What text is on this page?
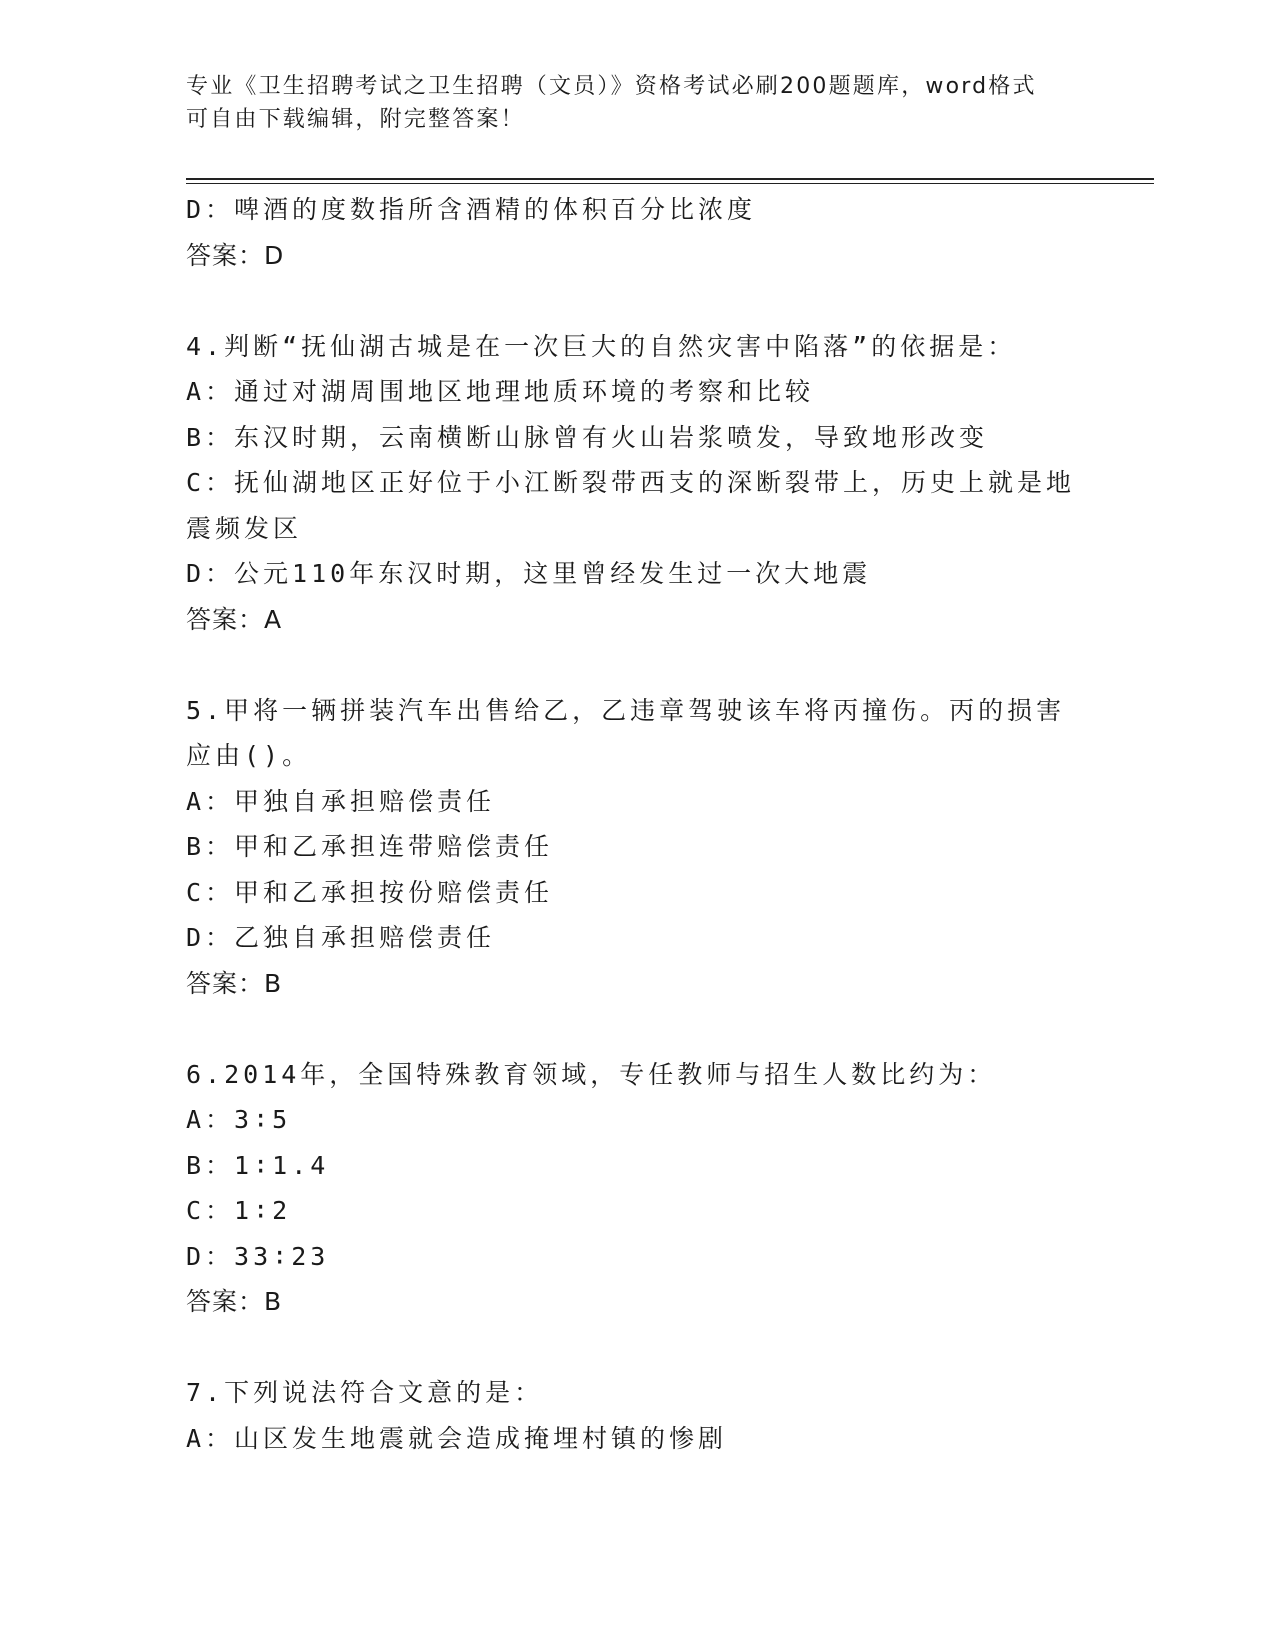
专业《卫生招聘考试之卫生招聘（文员）》资格考试必刷200题题库，word格式
可自由下载编辑，附完整答案！
D：啤酒的度数指所含酒精的体积百分比浓度
答案：D
4.判断“抚仙湖古城是在一次巨大的自然灾害中陷落”的依据是：
A：通过对湖周围地区地理地质环境的考察和比较
B：东汉时期，云南横断山脉曾有火山岩浆喷发，导致地形改变
C：抚仙湖地区正好位于小江断裂带西支的深断裂带上，历史上就是地
震频发区
D：公元110年东汉时期，这里曾经发生过一次大地震
答案：A
5.甲将一辆拼装汽车出售给乙，乙违章驾驶该车将丙撞伤。丙的损害
应由()。
A：甲独自承担赔偿责任
B：甲和乙承担连带赔偿责任
C：甲和乙承担按份赔偿责任
D：乙独自承担赔偿责任
答案：B
6.2014年，全国特殊教育领域，专任教师与招生人数比约为：
A：3∶5
B：1∶1.4
C：1∶2
D：33∶23
答案：B
7.下列说法符合文意的是：
A：山区发生地震就会造成掩埋村镇的惨剧
